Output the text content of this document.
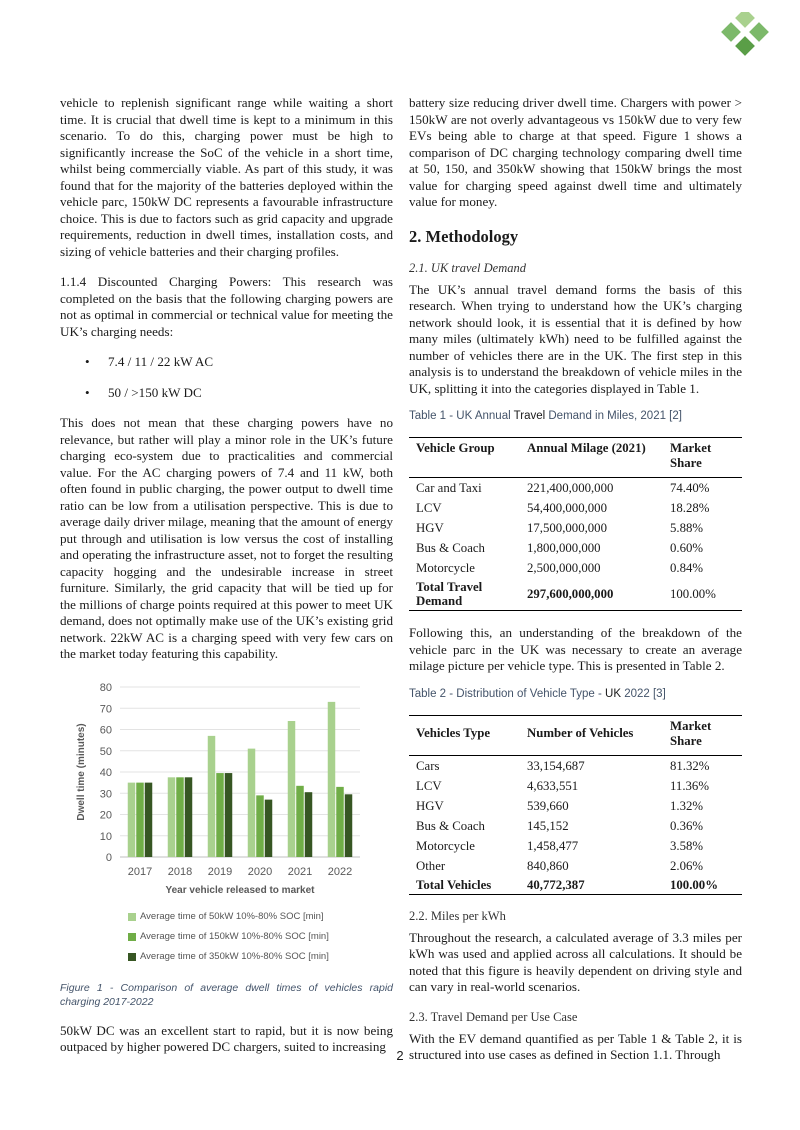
vehicle to replenish significant range while waiting a short time. It is crucial that dwell time is kept to a minimum in this scenario. To do this, charging power must be high to significantly increase the SoC of the vehicle in a short time, whilst being commercially viable. As part of this study, it was found that for the majority of the batteries deployed within the vehicle parc, 150kW DC represents a favourable infrastructure choice. This is due to factors such as grid capacity and upgrade requirements, reduction in dwell times, installation costs, and sizing of vehicle batteries and their charging profiles.

1.1.4 Discounted Charging Powers: This research was completed on the basis that the following charging powers are not as optimal in commercial or technical value for meeting the UK’s charging needs:

• 7.4 / 11 / 22 kW AC
• 50 / >150 kW DC

This does not mean that these charging powers have no relevance, but rather will play a minor role in the UK’s future charging eco-system due to practicalities and commercial value. For the AC charging powers of 7.4 and 11 kW, both often found in public charging, the power output to dwell time ratio can be low from a utilisation perspective. This is due to average daily driver milage, meaning that the amount of energy put through and utilisation is low versus the cost of installing and operating the infrastructure asset, not to forget the resulting capacity hogging and the undesirable increase in street furniture. Similarly, the grid capacity that will be tied up for the millions of charge points required at this power to meet UK demand, does not optimally make use of the UK’s existing grid network. 22kW AC is a charging speed with very few cars on the market today featuring this capability.

0
10
20
30
40
50
60
70
80
2017 2018 2019 2020 2021 2022
Year vehicle released to market
Dwell time (minutes)
Average time of 50kW 10%-80% SOC [min]
Average time of 150kW 10%-80% SOC [min]
Average time of 350kW 10%-80% SOC [min]

Figure 1 - Comparison of average dwell times of vehicles rapid charging 2017-2022

50kW DC was an excellent start to rapid, but it is now being outpaced by higher powered DC chargers, suited to increasing

battery size reducing driver dwell time. Chargers with power > 150kW are not overly advantageous vs 150kW due to very few EVs being able to charge at that speed. Figure 1 shows a comparison of DC charging technology comparing dwell time at 50, 150, and 350kW showing that 150kW brings the most value for charging speed against dwell time and ultimately value for money.

2. Methodology
2.1. UK travel Demand

The UK’s annual travel demand forms the basis of this research. When trying to understand how the UK’s charging network should look, it is essential that it is defined by how many miles (ultimately kWh) need to be fulfilled against the number of vehicles there are in the UK. The first step in this analysis is to understand the breakdown of vehicle miles in the UK, splitting it into the categories displayed in Table 1.

Table 1 - UK Annual Travel Demand in Miles, 2021 [2]
Vehicle Group	Annual Milage (2021)	Market Share
Car and Taxi	221,400,000,000	74.40%
LCV	54,400,000,000	18.28%
HGV	17,500,000,000	5.88%
Bus & Coach	1,800,000,000	0.60%
Motorcycle	2,500,000,000	0.84%
Total Travel Demand	297,600,000,000	100.00%

Following this, an understanding of the breakdown of the vehicle parc in the UK was necessary to create an average milage picture per vehicle type. This is presented in Table 2.

Table 2 - Distribution of Vehicle Type - UK 2022 [3]
Vehicles Type	Number of Vehicles	Market Share
Cars	33,154,687	81.32%
LCV	4,633,551	11.36%
HGV	539,660	1.32%
Bus & Coach	145,152	0.36%
Motorcycle	1,458,477	3.58%
Other	840,860	2.06%
Total Vehicles	40,772,387	100.00%
2.2. Miles per kWh

Throughout the research, a calculated average of 3.3 miles per kWh was used and applied across all calculations. It should be noted that this figure is heavily dependent on driving style and can vary in real-world scenarios.

2.3. Travel Demand per Use Case

With the EV demand quantified as per Table 1 & Table 2, it is structured into use cases as defined in Section 1.1. Through

2
